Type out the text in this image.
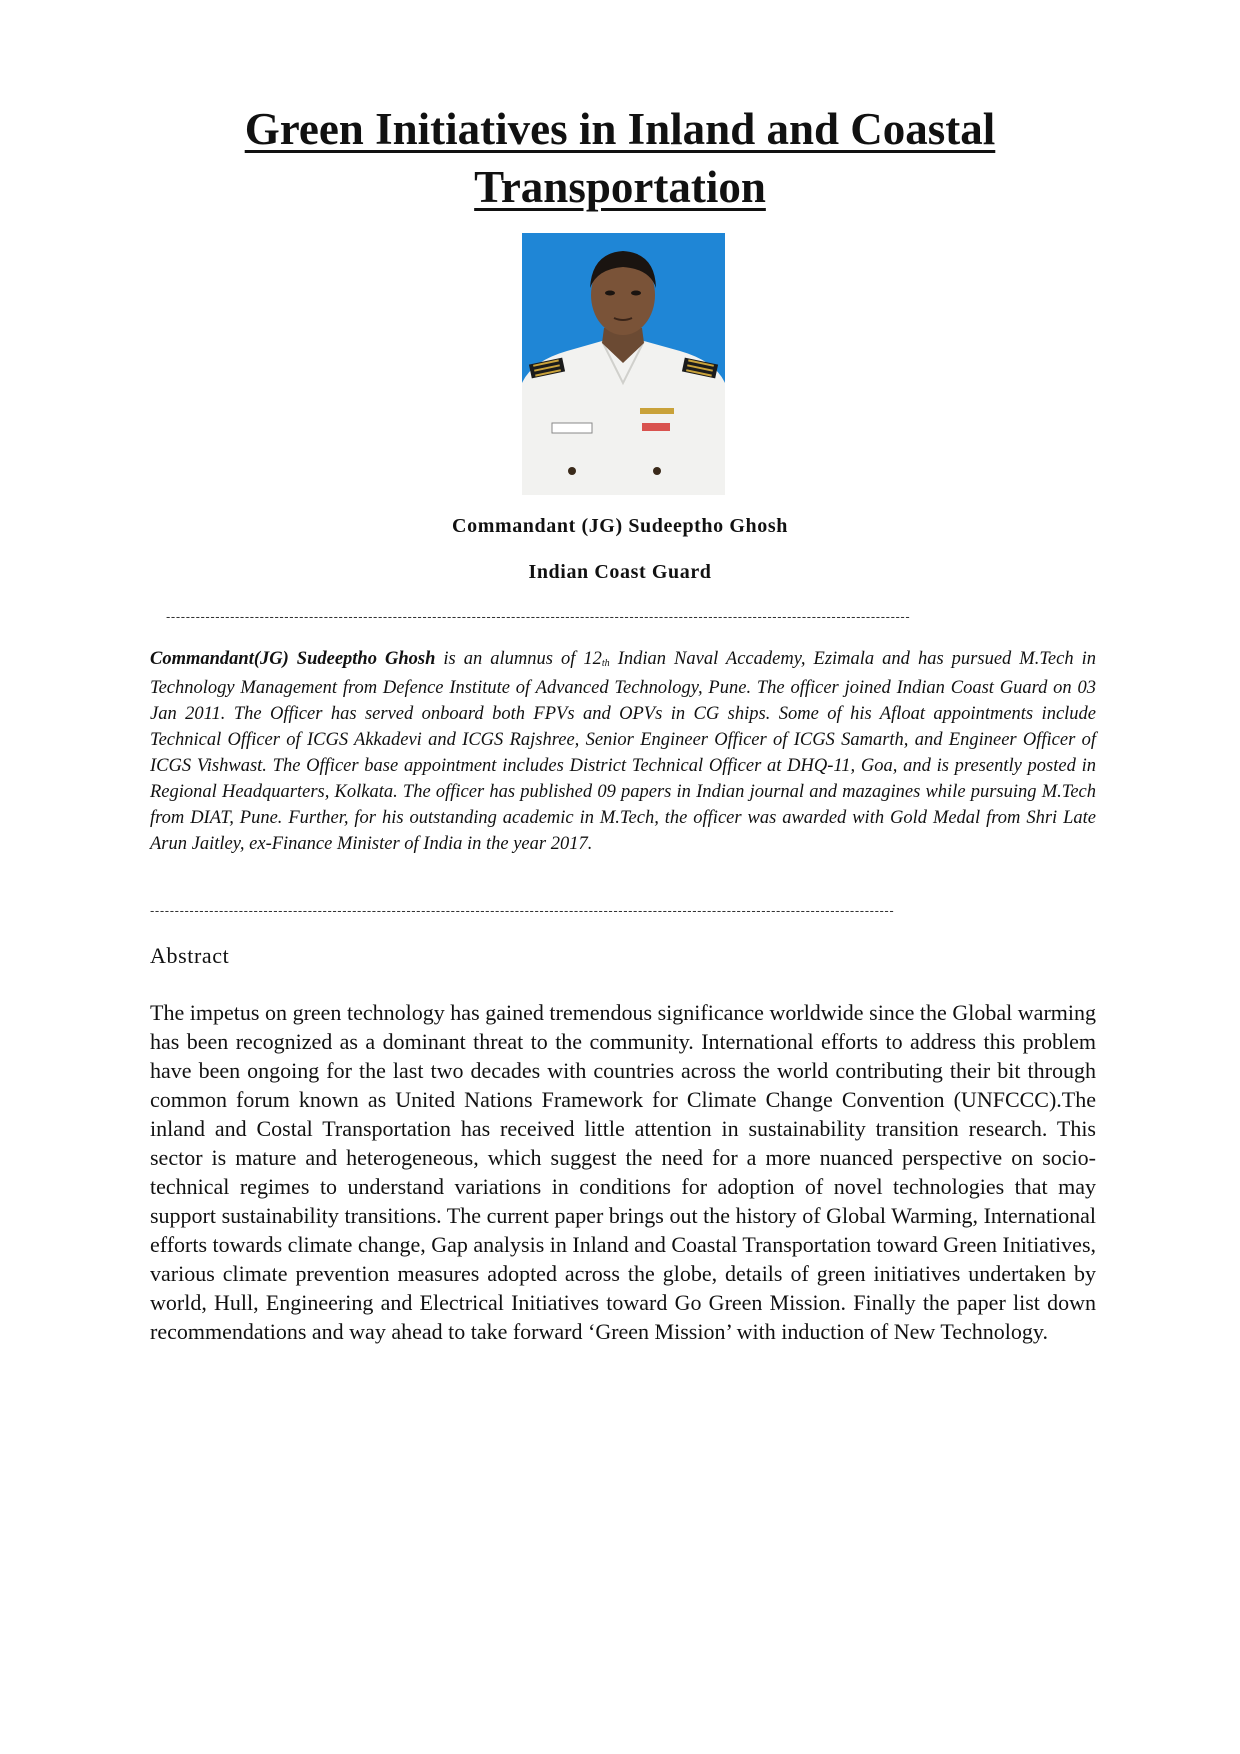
Green Initiatives in Inland and Coastal
Transportation
Commandant (JG) Sudeeptho Ghosh
Indian Coast Guard
-------------------------------------------------------------------------------------------------------------------------------------------------------

Commandant(JG) Sudeeptho Ghosh is an alumnus of $12_{th}$ Indian Naval Accademy, Ezimala and has pursued M.Tech in Technology Management from Defence Institute of Advanced Technology, Pune. The officer joined Indian Coast Guard on 03 Jan 2011. The Officer has served onboard both FPVs and OPVs in CG ships. Some of his Afloat appointments include Technical Officer of ICGS Akkadevi and ICGS Rajshree, Senior Engineer Officer of ICGS Samarth, and Engineer Officer of ICGS Vishwast. The Officer base appointment includes District Technical Officer at DHQ-11, Goa, and is presently posted in Regional Headquarters, Kolkata. The officer has published 09 papers in Indian journal and mazagines while pursuing M.Tech from DIAT, Pune. Further, for his outstanding academic in M.Tech, the officer was awarded with Gold Medal from Shri Late Arun Jaitley, ex-Finance Minister of India in the year 2017.

-------------------------------------------------------------------------------------------------------------------------------------------------------
Abstract

The impetus on green technology has gained tremendous significance worldwide since the Global warming has been recognized as a dominant threat to the community. International efforts to address this problem have been ongoing for the last two decades with countries across the world contributing their bit through common forum known as United Nations Framework for Climate Change Convention (UNFCCC).The inland and Costal Transportation has received little attention in sustainability transition research. This sector is mature and heterogeneous, which suggest the need for a more nuanced perspective on socio-technical regimes to understand variations in conditions for adoption of novel technologies that may support sustainability transitions. The current paper brings out the history of Global Warming, International efforts towards climate change, Gap analysis in Inland and Coastal Transportation toward Green Initiatives, various climate prevention measures adopted across the globe, details of green initiatives undertaken by world, Hull, Engineering and Electrical Initiatives toward Go Green Mission. Finally the paper list down recommendations and way ahead to take forward ‘Green Mission’ with induction of New Technology.
